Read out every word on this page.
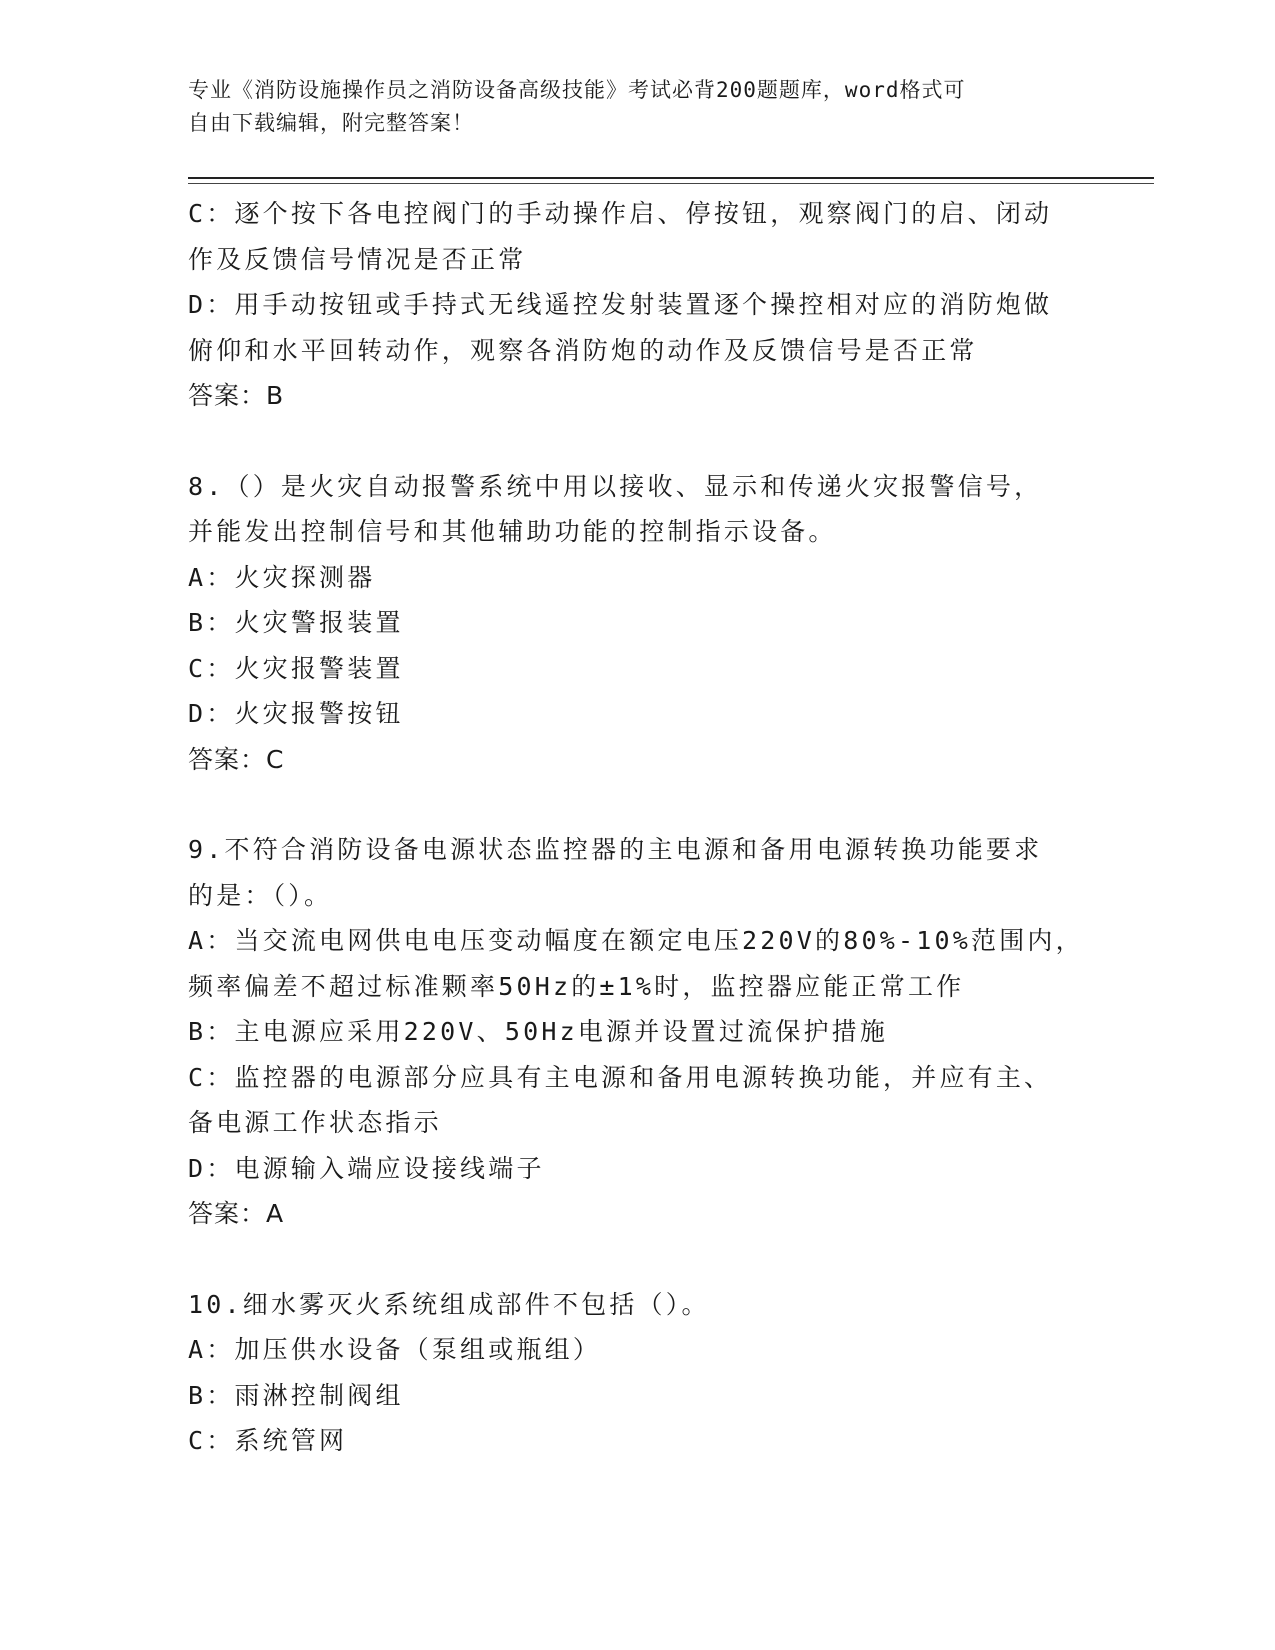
专业《消防设施操作员之消防设备高级技能》考试必背200题题库，word格式可
自由下载编辑，附完整答案！
C：逐个按下各电控阀门的手动操作启、停按钮，观察阀门的启、闭动
作及反馈信号情况是否正常
D：用手动按钮或手持式无线遥控发射装置逐个操控相对应的消防炮做
俯仰和水平回转动作，观察各消防炮的动作及反馈信号是否正常
答案：B
8.（）是火灾自动报警系统中用以接收、显示和传递火灾报警信号，
并能发出控制信号和其他辅助功能的控制指示设备。
A：火灾探测器
B：火灾警报装置
C：火灾报警装置
D：火灾报警按钮
答案：C
9.不符合消防设备电源状态监控器的主电源和备用电源转换功能要求
的是：（）。
A：当交流电网供电电压变动幅度在额定电压220V的80%-10%范围内，
频率偏差不超过标准颗率50Hz的±1%时，监控器应能正常工作
B：主电源应采用220V、50Hz电源并设置过流保护措施
C：监控器的电源部分应具有主电源和备用电源转换功能，并应有主、
备电源工作状态指示
D：电源输入端应设接线端子
答案：A
10.细水雾灭火系统组成部件不包括（）。
A：加压供水设备（泵组或瓶组）
B：雨淋控制阀组
C：系统管网
